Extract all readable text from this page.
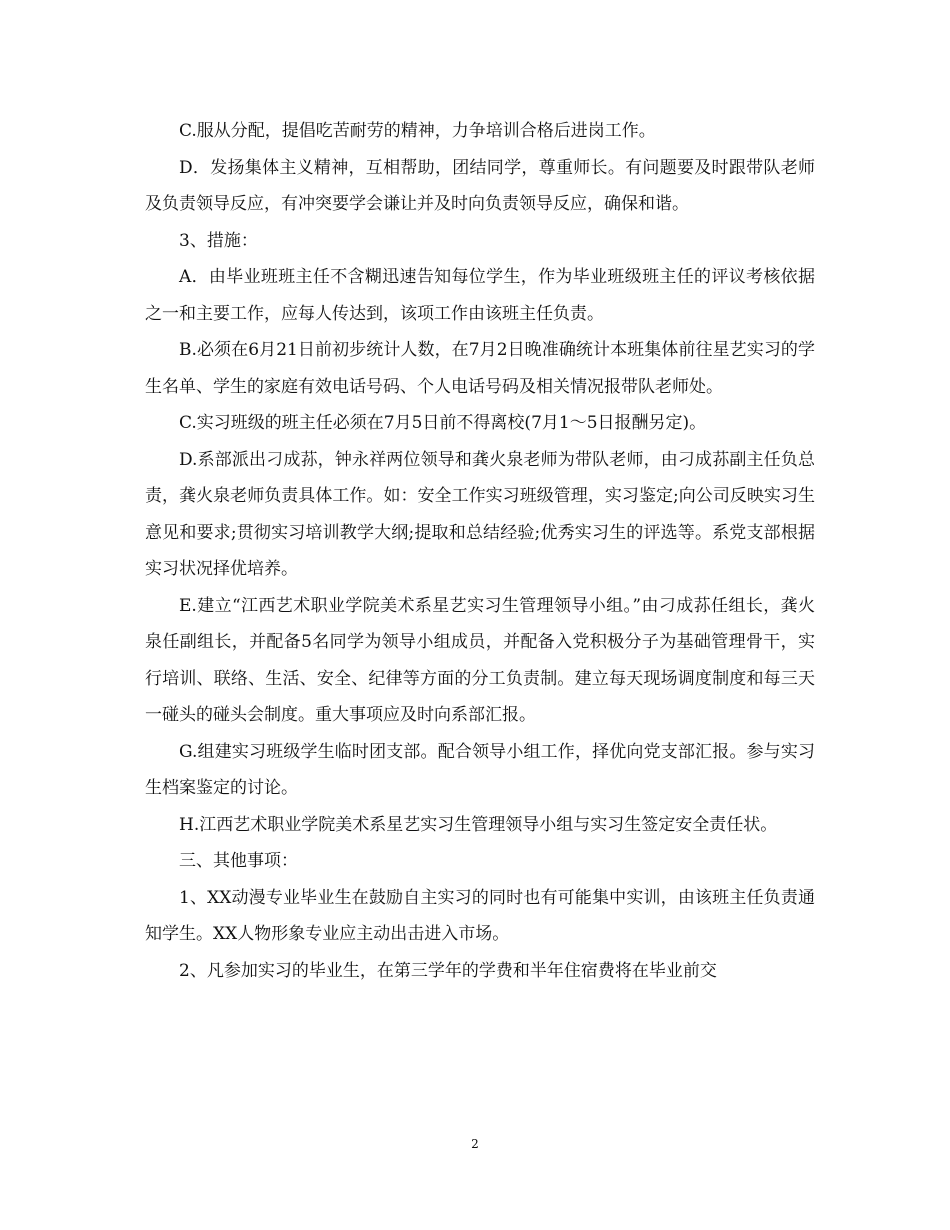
C.服从分配，提倡吃苦耐劳的精神，力争培训合格后进岗工作。

D．发扬集体主义精神，互相帮助，团结同学，尊重师长。有问题要及时跟带队老师及负责领导反应，有冲突要学会谦让并及时向负责领导反应，确保和谐。

3、措施：

A．由毕业班班主任不含糊迅速告知每位学生，作为毕业班级班主任的评议考核依据之一和主要工作，应每人传达到，该项工作由该班主任负责。

B.必须在6月21日前初步统计人数，在7月2日晚准确统计本班集体前往星艺实习的学生名单、学生的家庭有效电话号码、个人电话号码及相关情况报带队老师处。

C.实习班级的班主任必须在7月5日前不得离校(7月1～5日报酬另定)。

D.系部派出刁成荪，钟永祥两位领导和龚火泉老师为带队老师，由刁成荪副主任负总责，龚火泉老师负责具体工作。如：安全工作实习班级管理，实习鉴定;向公司反映实习生意见和要求;贯彻实习培训教学大纲;提取和总结经验;优秀实习生的评选等。系党支部根据实习状况择优培养。

E.建立“江西艺术职业学院美术系星艺实习生管理领导小组。”由刁成荪任组长，龚火泉任副组长，并配备5名同学为领导小组成员，并配备入党积极分子为基础管理骨干，实行培训、联络、生活、安全、纪律等方面的分工负责制。建立每天现场调度制度和每三天一碰头的碰头会制度。重大事项应及时向系部汇报。

G.组建实习班级学生临时团支部。配合领导小组工作，择优向党支部汇报。参与实习生档案鉴定的讨论。

H.江西艺术职业学院美术系星艺实习生管理领导小组与实习生签定安全责任状。

三、其他事项：

1、XX动漫专业毕业生在鼓励自主实习的同时也有可能集中实训，由该班主任负责通知学生。XX人物形象专业应主动出击进入市场。

2、凡参加实习的毕业生，在第三学年的学费和半年住宿费将在毕业前交

2
